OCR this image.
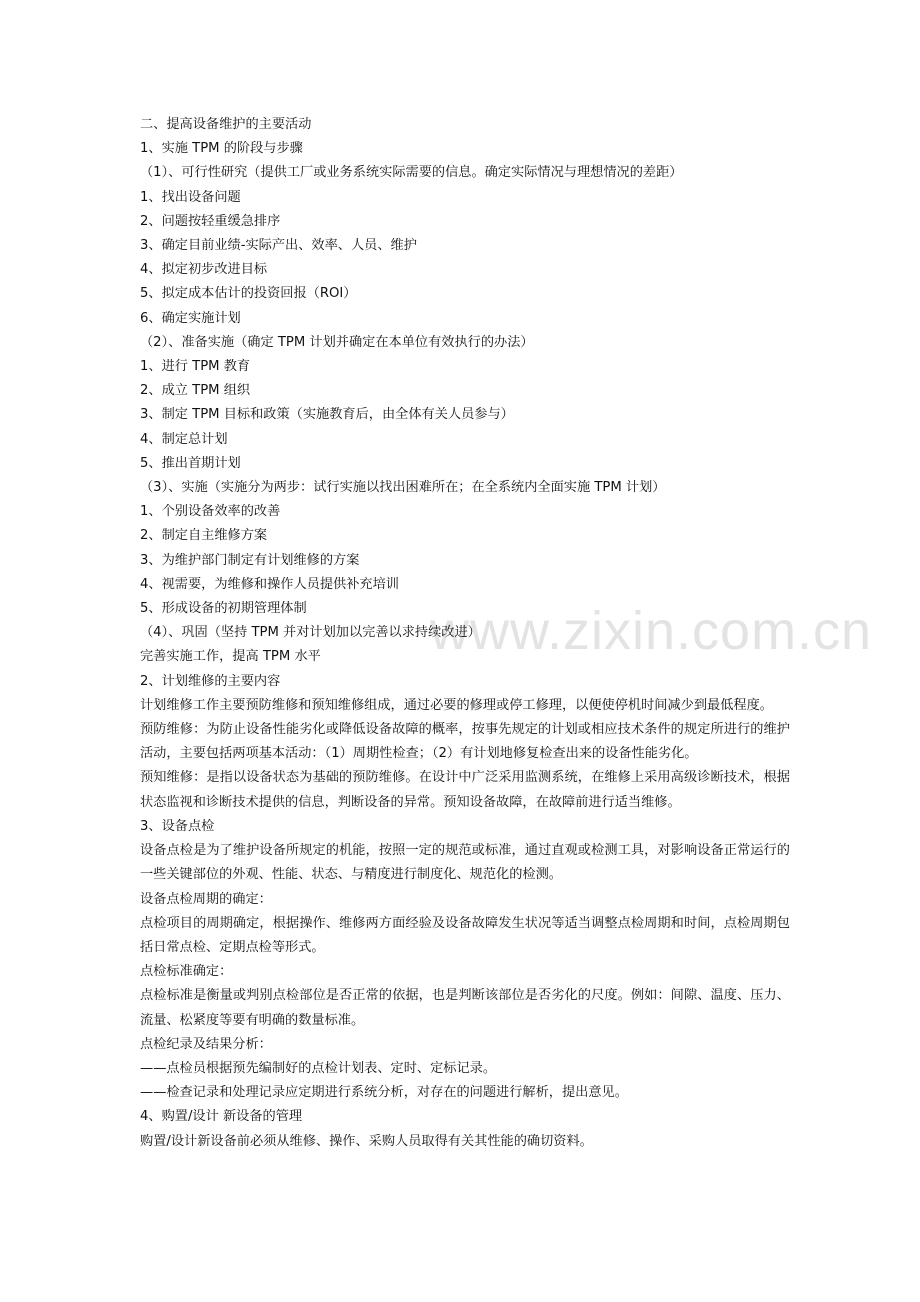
www.zixin.com.cn
二、提高设备维护的主要活动
1、实施 TPM 的阶段与步骤
（1）、可行性研究（提供工厂或业务系统实际需要的信息。确定实际情况与理想情况的差距）
1、找出设备问题
2、问题按轻重缓急排序
3、确定目前业绩-实际产出、效率、人员、维护
4、拟定初步改进目标
5、拟定成本估计的投资回报（ROI）
6、确定实施计划
（2）、准备实施（确定 TPM 计划并确定在本单位有效执行的办法）
1、进行 TPM 教育
2、成立 TPM 组织
3、制定 TPM 目标和政策（实施教育后，由全体有关人员参与）
4、制定总计划
5、推出首期计划
（3）、实施（实施分为两步：试行实施以找出困难所在；在全系统内全面实施 TPM 计划）
1、个别设备效率的改善
2、制定自主维修方案
3、为维护部门制定有计划维修的方案
4、视需要，为维修和操作人员提供补充培训
5、形成设备的初期管理体制
（4）、巩固（坚持 TPM 并对计划加以完善以求持续改进）
完善实施工作，提高 TPM 水平
2、计划维修的主要内容
计划维修工作主要预防维修和预知维修组成，通过必要的修理或停工修理，以便使停机时间减少到最低程度。
预防维修：为防止设备性能劣化或降低设备故障的概率，按事先规定的计划或相应技术条件的规定所进行的维护活动，主要包括两项基本活动：（1）周期性检查；（2）有计划地修复检查出来的设备性能劣化。
预知维修：是指以设备状态为基础的预防维修。在设计中广泛采用监测系统，在维修上采用高级诊断技术，根据状态监视和诊断技术提供的信息，判断设备的异常。预知设备故障，在故障前进行适当维修。
3、设备点检
设备点检是为了维护设备所规定的机能，按照一定的规范或标准，通过直观或检测工具，对影响设备正常运行的一些关键部位的外观、性能、状态、与精度进行制度化、规范化的检测。
设备点检周期的确定：
点检项目的周期确定，根据操作、维修两方面经验及设备故障发生状况等适当调整点检周期和时间，点检周期包括日常点检、定期点检等形式。
点检标准确定：
点检标准是衡量或判别点检部位是否正常的依据，也是判断该部位是否劣化的尺度。例如：间隙、温度、压力、流量、松紧度等要有明确的数量标准。
点检纪录及结果分析：
——点检员根据预先编制好的点检计划表、定时、定标记录。
——检查记录和处理记录应定期进行系统分析，对存在的问题进行解析，提出意见。
4、购置/设计 新设备的管理
购置/设计新设备前必须从维修、操作、采购人员取得有关其性能的确切资料。
